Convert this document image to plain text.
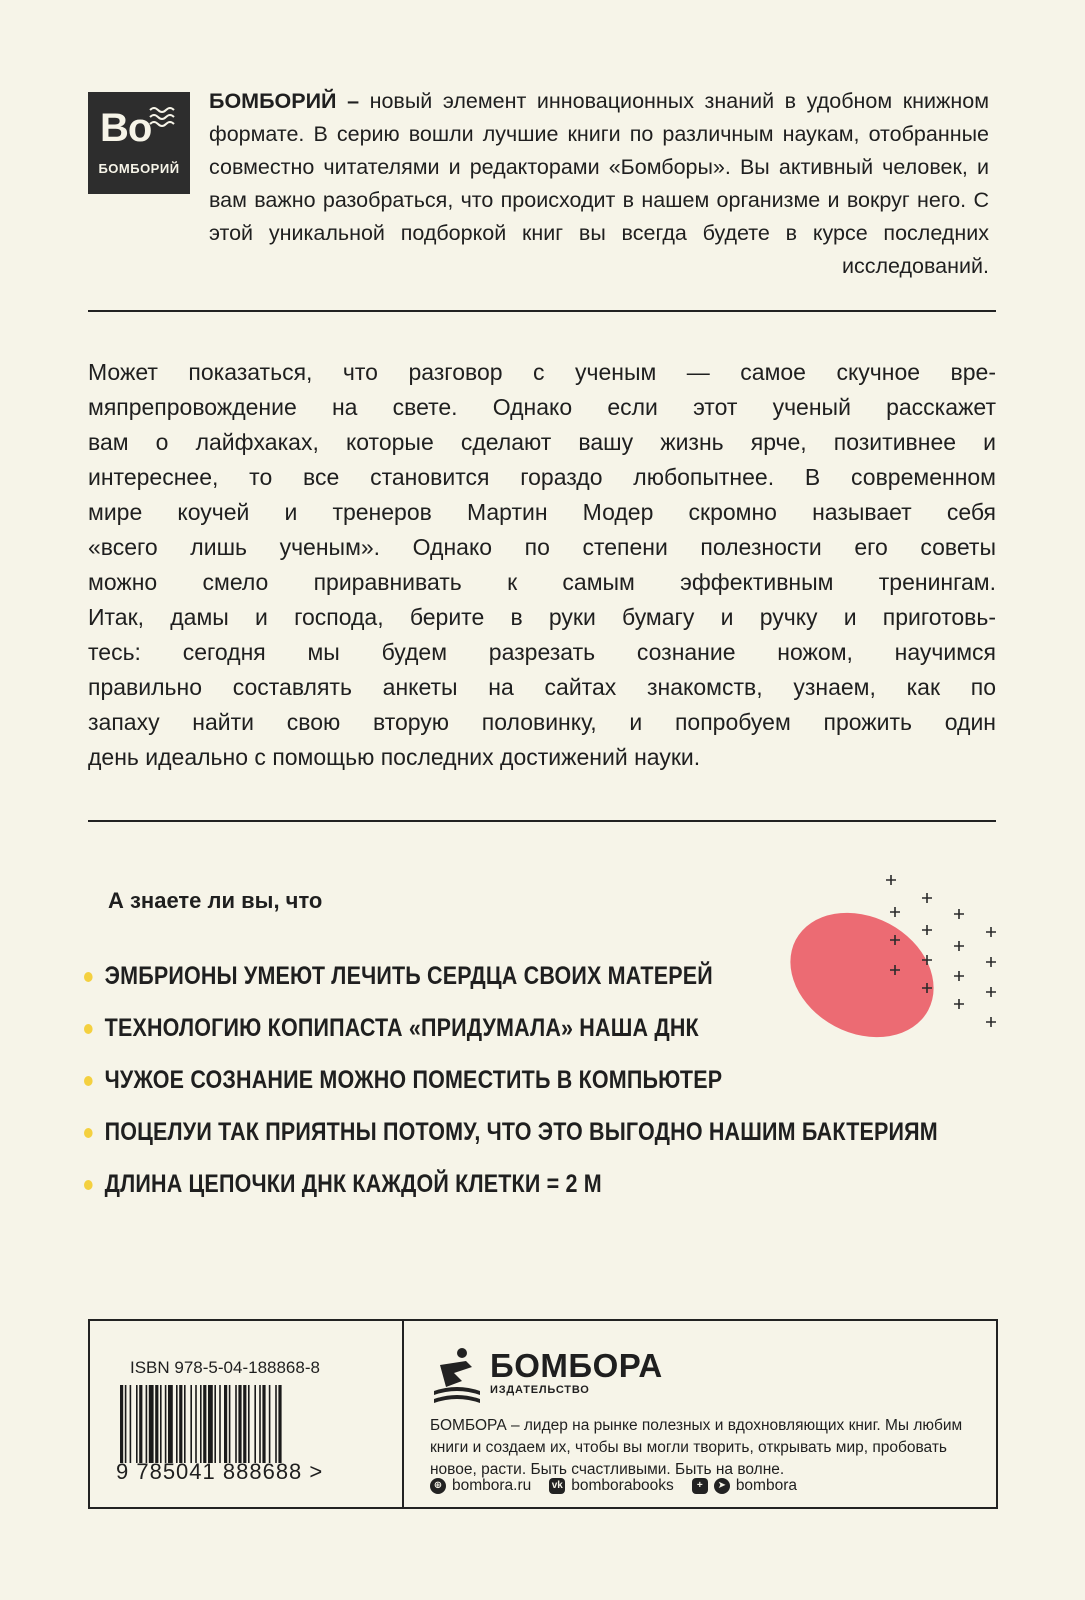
Bo
БОМБОРИЙ

БОМБОРИЙ – новый элемент инновационных знаний в удобном книжном формате. В серию вошли лучшие книги по различным наукам, отобранные совместно читателями и редакторами «Бомборы». Вы активный человек, и вам важно разобраться, что происходит в нашем организме и вокруг него. С этой уникальной подборкой книг вы всегда будете в курсе последних исследований.

Может показаться, что разговор с ученым — самое скучное вре-
мяпрепровождение на свете. Однако если этот ученый расскажет
вам о лайфхаках, которые сделают вашу жизнь ярче, позитивнее и
интереснее, то все становится гораздо любопытнее. В современном
мире коучей и тренеров Мартин Модер скромно называет себя
«всего лишь ученым». Однако по степени полезности его советы
можно смело приравнивать к самым эффективным тренингам.
Итак, дамы и господа, берите в руки бумагу и ручку и приготовь-
тесь: сегодня мы будем разрезать сознание ножом, научимся
правильно составлять анкеты на сайтах знакомств, узнаем, как по
запаху найти свою вторую половинку, и попробуем прожить один
день идеально с помощью последних достижений науки.
А знаете ли вы, что
ЭМБРИОНЫ УМЕЮТ ЛЕЧИТЬ СЕРДЦА СВОИХ МАТЕРЕЙ
ТЕХНОЛОГИЮ КОПИПАСТА «ПРИДУМАЛА» НАША ДНК
ЧУЖОЕ СОЗНАНИЕ МОЖНО ПОМЕСТИТЬ В КОМПЬЮТЕР
ПОЦЕЛУИ ТАК ПРИЯТНЫ ПОТОМУ, ЧТО ЭТО ВЫГОДНО НАШИМ БАКТЕРИЯМ
ДЛИНА ЦЕПОЧКИ ДНК КАЖДОЙ КЛЕТКИ = 2 М
ISBN 978-5-04-188868-8
9 785041 888688 >
БОМБОРА
ИЗДАТЕЛЬСТВО
БОМБОРА – лидер на рынке полезных и вдохновляющих книг. Мы любим книги и создаем их, чтобы вы могли творить, открывать мир, пробовать новое, расти. Быть счастливыми. Быть на волне.
⊕ bombora.ru vk bomborabooks	+	➤ bombora
